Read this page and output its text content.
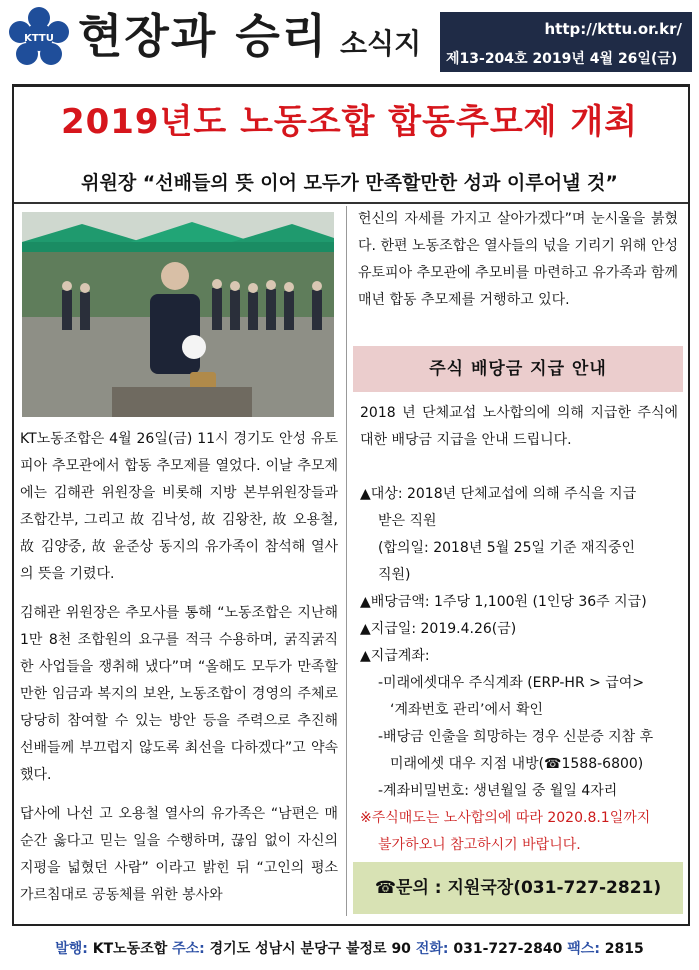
KTTU 현장과 승리 소식지	http://kttu.or.kr/
제13-204호 2019년 4월 26일(금)
2019년도 노동조합 합동추모제 개최
위원장 “선배들의 뜻 이어 모두가 만족할만한 성과 이루어낼 것”

KT노동조합은 4월 26일(금) 11시 경기도 안성 유토피아 추모관에서 합동 추모제를 열었다. 이날 추모제에는 김해관 위원장을 비롯해 지방 본부위원장들과 조합간부, 그리고 故 김낙성, 故 김왕찬, 故 오용철, 故 김양중, 故 윤준상 동지의 유가족이 참석해 열사의 뜻을 기렸다.

김해관 위원장은 추모사를 통해 “노동조합은 지난해 1만 8천 조합원의 요구를 적극 수용하며, 굵직굵직한 사업들을 쟁취해 냈다”며 “올해도 모두가 만족할만한 임금과 복지의 보완, 노동조합이 경영의 주체로 당당히 참여할 수 있는 방안 등을 주력으로 추진해 선배들께 부끄럽지 않도록 최선을 다하겠다”고 약속했다.

답사에 나선 고 오용철 열사의 유가족은 “남편은 매 순간 옳다고 믿는 일을 수행하며, 끊임 없이 자신의 지평을 넓혔던 사람” 이라고 밝힌 뒤 “고인의 평소 가르침대로 공동체를 위한 봉사와

헌신의 자세를 가지고 살아가겠다”며 눈시울을 붉혔다. 한편 노동조합은 열사들의 넋을 기리기 위해 안성 유토피아 추모관에 추모비를 마련하고 유가족과 함께 매년 합동 추모제를 거행하고 있다.
주식 배당금 지급 안내
2018 년 단체교섭 노사합의에 의해 지급한 주식에 대한 배당금 지급을 안내 드립니다.
▲대상: 2018년 단체교섭에 의해 주식을 지급
받은 직원
(합의일: 2018년 5월 25일 기준 재직중인
직원)
▲배당금액: 1주당 1,100원 (1인당 36주 지급)
▲지급일: 2019.4.26(금)
▲지급계좌:
-미래에셋대우 주식계좌 (ERP-HR > 급여>
‘계좌번호 관리’에서 확인
-배당금 인출을 희망하는 경우 신분증 지참 후
미래에셋 대우 지점 내방(☎1588-6800)
-계좌비밀번호: 생년월일 중 월일 4자리
※주식매도는 노사합의에 따라 2020.8.1일까지
불가하오니 참고하시기 바랍니다.
☎문의 : 지원국장(031-727-2821)
발행: KT노동조합 주소: 경기도 성남시 분당구 불정로 90 전화: 031-727-2840 팩스: 2815
